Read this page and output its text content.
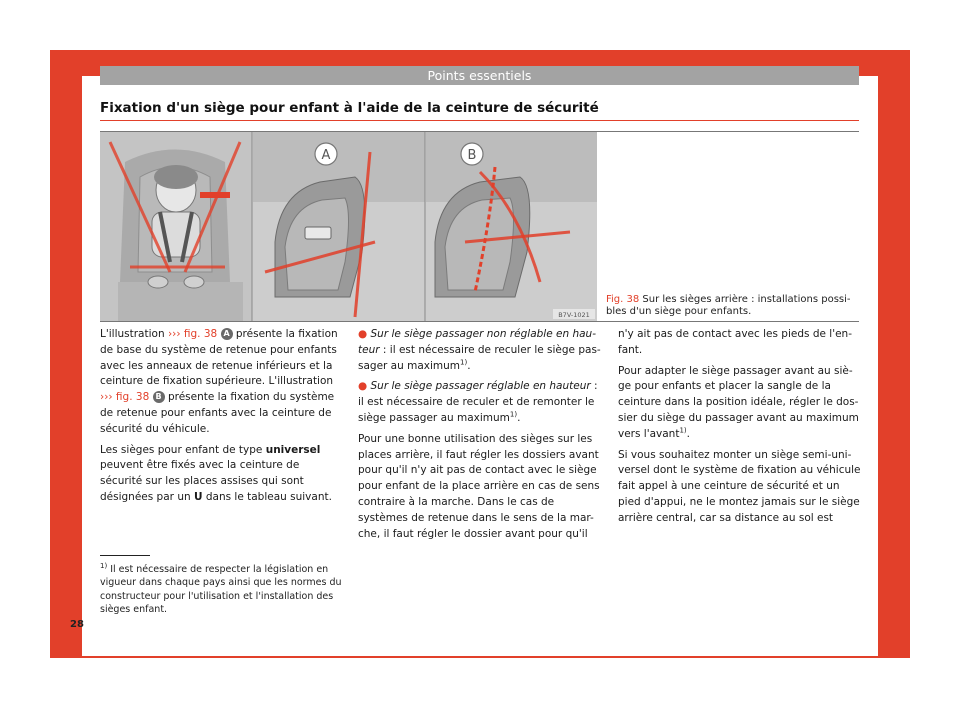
Points essentiels
Fixation d'un siège pour enfant à l'aide de la ceinture de sécurité
A	B
B7V-1021
Fig. 38 Sur les sièges arrière : installations possi-bles d'un siège pour enfants.

L'illustration ››› fig. 38 A présente la fixation de base du système de retenue pour enfants avec les anneaux de retenue inférieurs et la ceinture de fixation supérieure. L'illustration ››› fig. 38 B présente la fixation du système de retenue pour enfants avec la ceinture de sécurité du véhicule.

Les sièges pour enfant de type universel peuvent être fixés avec la ceinture de sécurité sur les places assises qui sont désignées par un U dans le tableau suivant.

● Sur le siège passager non réglable en hau-teur : il est nécessaire de reculer le siège pas-sager au maximum$^{1)}$.

● Sur le siège passager réglable en hauteur : il est nécessaire de reculer et de remonter le siège passager au maximum$^{1)}$.

Pour une bonne utilisation des sièges sur les places arrière, il faut régler les dossiers avant pour qu'il n'y ait pas de contact avec le siège pour enfant de la place arrière en cas de sens contraire à la marche. Dans le cas de systèmes de retenue dans le sens de la mar-che, il faut régler le dossier avant pour qu'il

n'y ait pas de contact avec les pieds de l'en-fant.

Pour adapter le siège passager avant au siè-ge pour enfants et placer la sangle de la ceinture dans la position idéale, régler le dos-sier du siège du passager avant au maximum vers l'avant$^{1)}$.

Si vous souhaitez monter un siège semi-uni-versel dont le système de fixation au véhicule fait appel à une ceinture de sécurité et un pied d'appui, ne le montez jamais sur le siège arrière central, car sa distance au sol est

$^{1)}$ Il est nécessaire de respecter la législation en vigueur dans chaque pays ainsi que les normes du constructeur pour l'utilisation et l'installation des sièges enfant.
28
